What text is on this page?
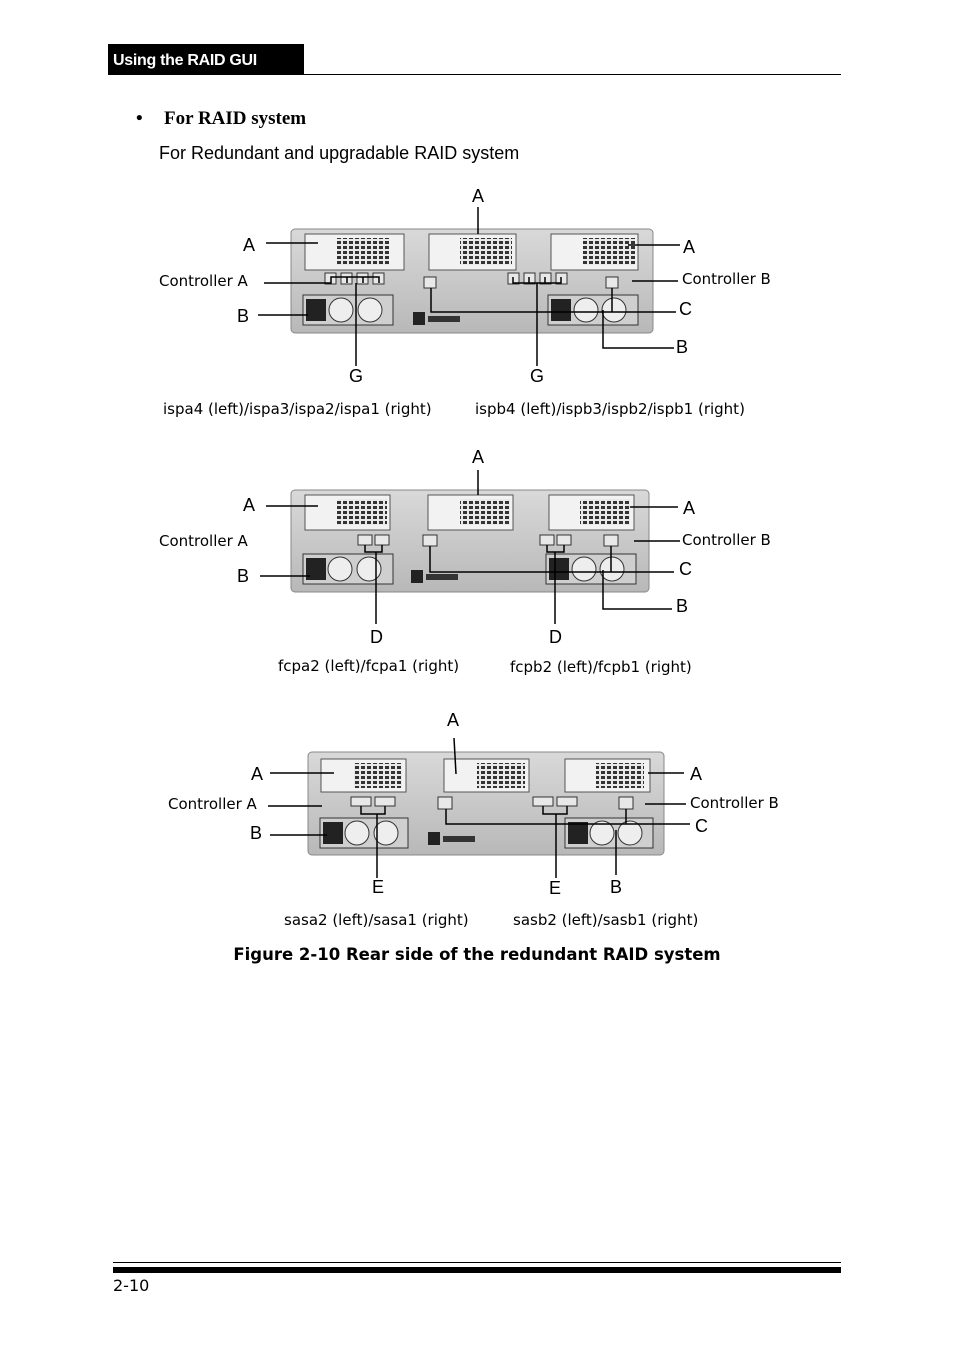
Using the RAID GUI
• For RAID system
For Redundant and upgradable RAID system
A
A	A
B	C
B
G	G
Controller A	Controller B
ispa4 (left)/ispa3/ispa2/ispa1 (right)	ispb4 (left)/ispb3/ispb2/ispb1 (right)
A
A	A
B	C
B
D	D
Controller A	Controller B
fcpa2 (left)/fcpa1 (right)	fcpb2 (left)/fcpb1 (right)
A
A	A
B	C
B
E	E
Controller A	Controller B
sasa2 (left)/sasa1 (right)	sasb2 (left)/sasb1 (right)
Figure 2-10 Rear side of the redundant RAID system
2-10
